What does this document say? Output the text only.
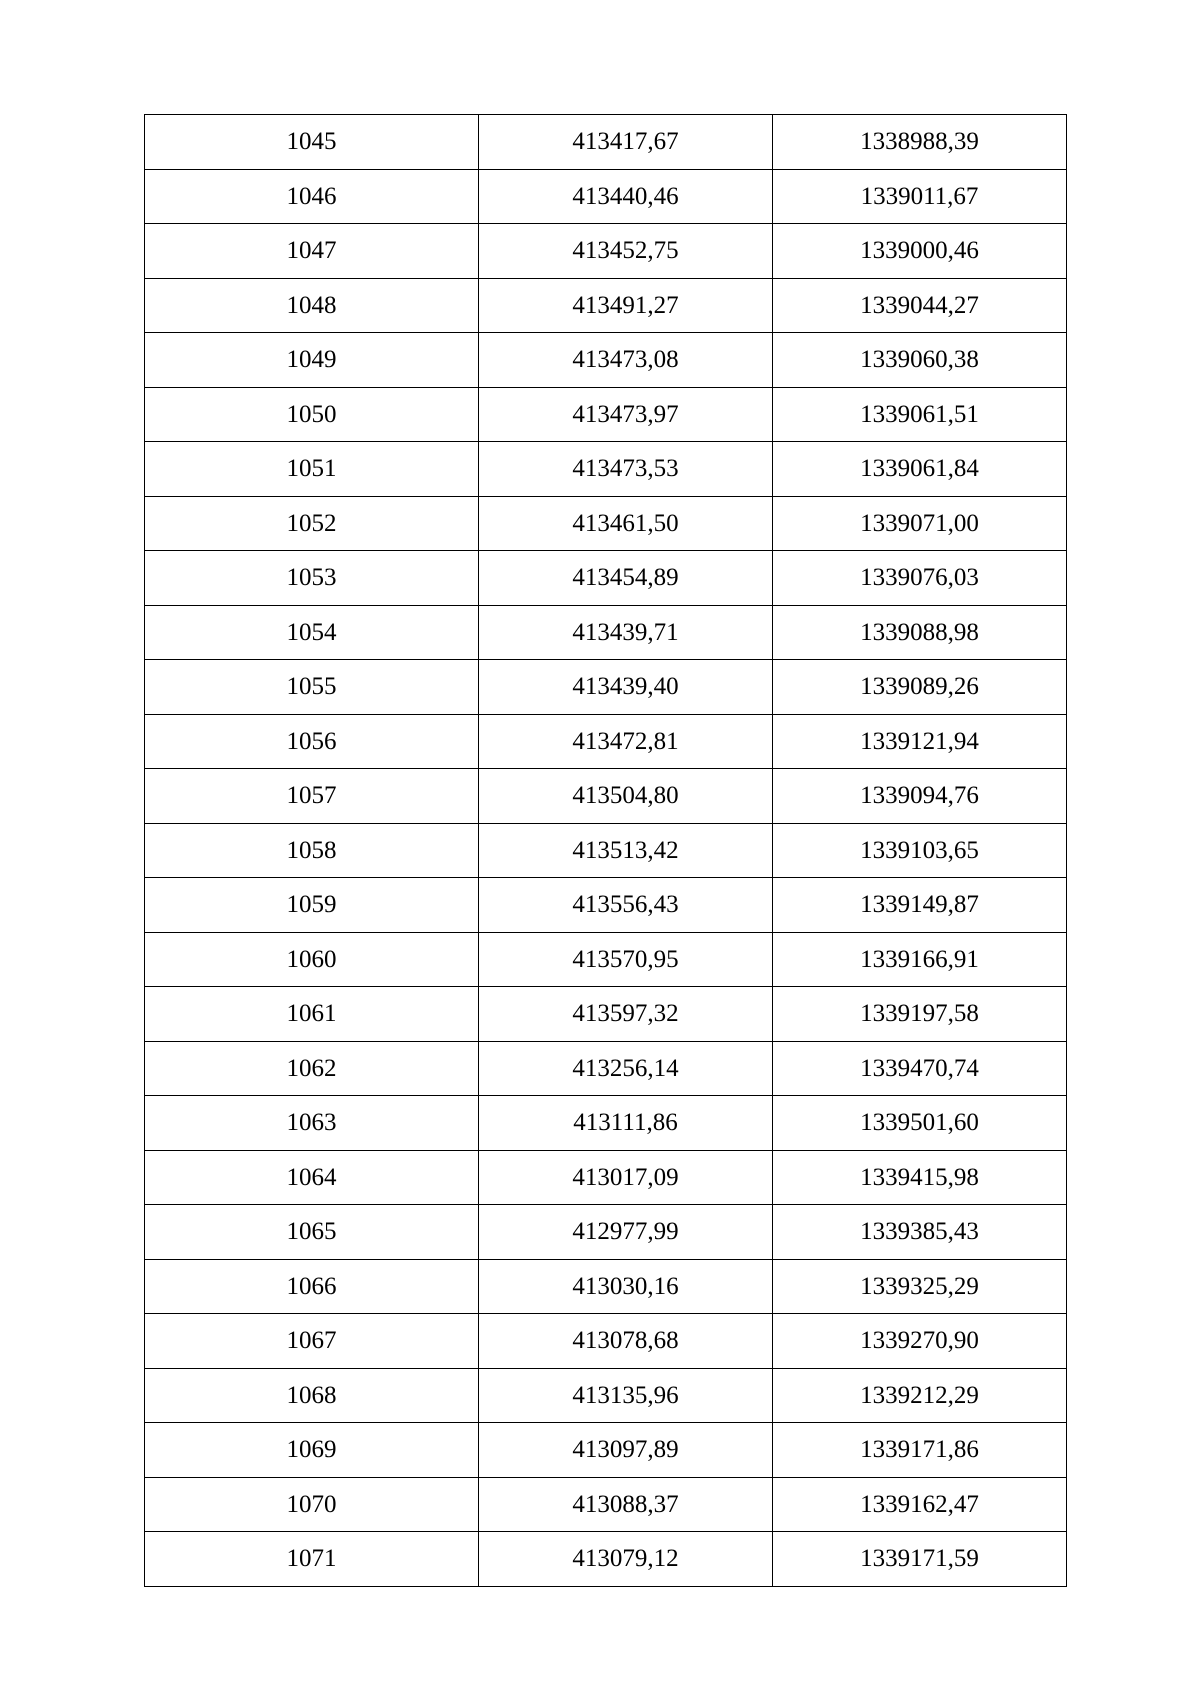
1045	413417,67	1338988,39
1046	413440,46	1339011,67
1047	413452,75	1339000,46
1048	413491,27	1339044,27
1049	413473,08	1339060,38
1050	413473,97	1339061,51
1051	413473,53	1339061,84
1052	413461,50	1339071,00
1053	413454,89	1339076,03
1054	413439,71	1339088,98
1055	413439,40	1339089,26
1056	413472,81	1339121,94
1057	413504,80	1339094,76
1058	413513,42	1339103,65
1059	413556,43	1339149,87
1060	413570,95	1339166,91
1061	413597,32	1339197,58
1062	413256,14	1339470,74
1063	413111,86	1339501,60
1064	413017,09	1339415,98
1065	412977,99	1339385,43
1066	413030,16	1339325,29
1067	413078,68	1339270,90
1068	413135,96	1339212,29
1069	413097,89	1339171,86
1070	413088,37	1339162,47
1071	413079,12	1339171,59
